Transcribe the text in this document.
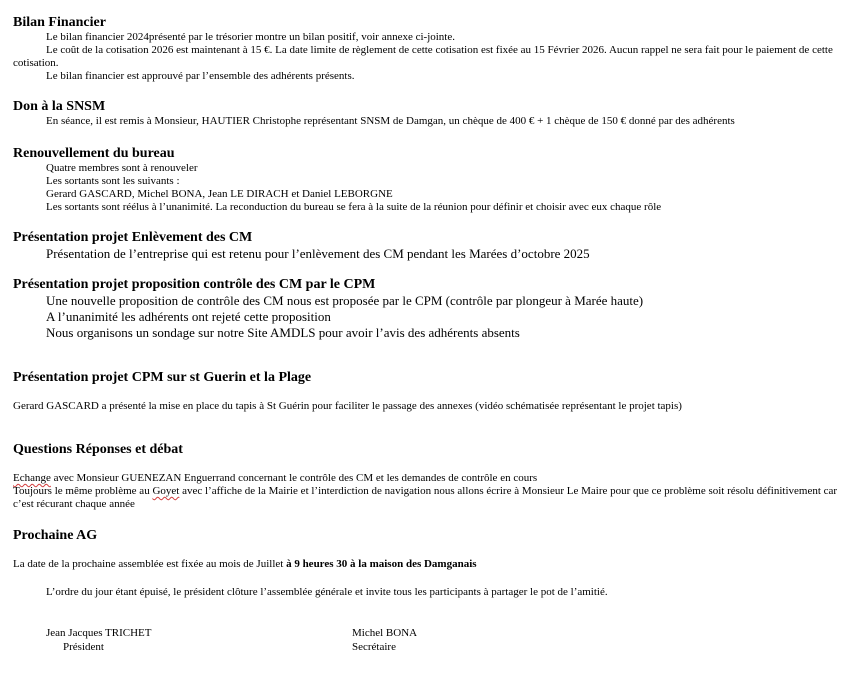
Bilan Financier

Le bilan financier 2024présenté par le trésorier montre un bilan positif, voir annexe ci-jointe.

Le coût de la cotisation 2026 est maintenant à 15 €. La date limite de règlement de cette cotisation est fixée au 15 Février 2026. Aucun rappel ne sera fait pour le paiement de cette cotisation.

Le bilan financier est approuvé par l’ensemble des adhérents présents.

Don à la SNSM

En séance, il est remis à Monsieur, HAUTIER Christophe représentant SNSM de Damgan, un chèque de 400 € + 1 chèque de 150 € donné par des adhérents

Renouvellement du bureau

Quatre membres sont à renouveler

Les sortants sont les suivants :

Gerard GASCARD, Michel BONA, Jean LE DIRACH et Daniel LEBORGNE

Les sortants sont réélus à l’unanimité. La reconduction du bureau se fera à la suite de la réunion pour définir et choisir avec eux chaque rôle

Présentation projet Enlèvement des CM

Présentation de l’entreprise qui est retenu pour l’enlèvement des CM pendant les Marées d’octobre 2025

Présentation projet proposition contrôle des CM par le CPM

Une nouvelle proposition de contrôle des CM nous est proposée par le CPM (contrôle par plongeur à Marée haute)

A l’unanimité les adhérents ont rejeté cette proposition

Nous organisons un sondage sur notre Site AMDLS pour avoir l’avis des adhérents absents

Présentation projet CPM sur st Guerin et la Plage

Gerard GASCARD a présenté la mise en place du tapis à St Guérin pour faciliter le passage des annexes (vidéo schématisée représentant le projet tapis)

Questions Réponses et débat

Echange avec Monsieur GUENEZAN Enguerrand concernant le contrôle des CM et les demandes de contrôle en cours

Toujours le même problème au Goyet avec l’affiche de la Mairie et l’interdiction de navigation nous allons écrire à Monsieur Le Maire pour que ce problème soit résolu définitivement car c’est récurant chaque année

Prochaine AG

La date de la prochaine assemblée est fixée au mois de Juillet à 9 heures 30 à la maison des Damganais

L’ordre du jour étant épuisé, le président clôture l’assemblée générale et invite tous les participants à partager le pot de l’amitié.

Jean Jacques TRICHET
Président
Michel BONA
Secrétaire
